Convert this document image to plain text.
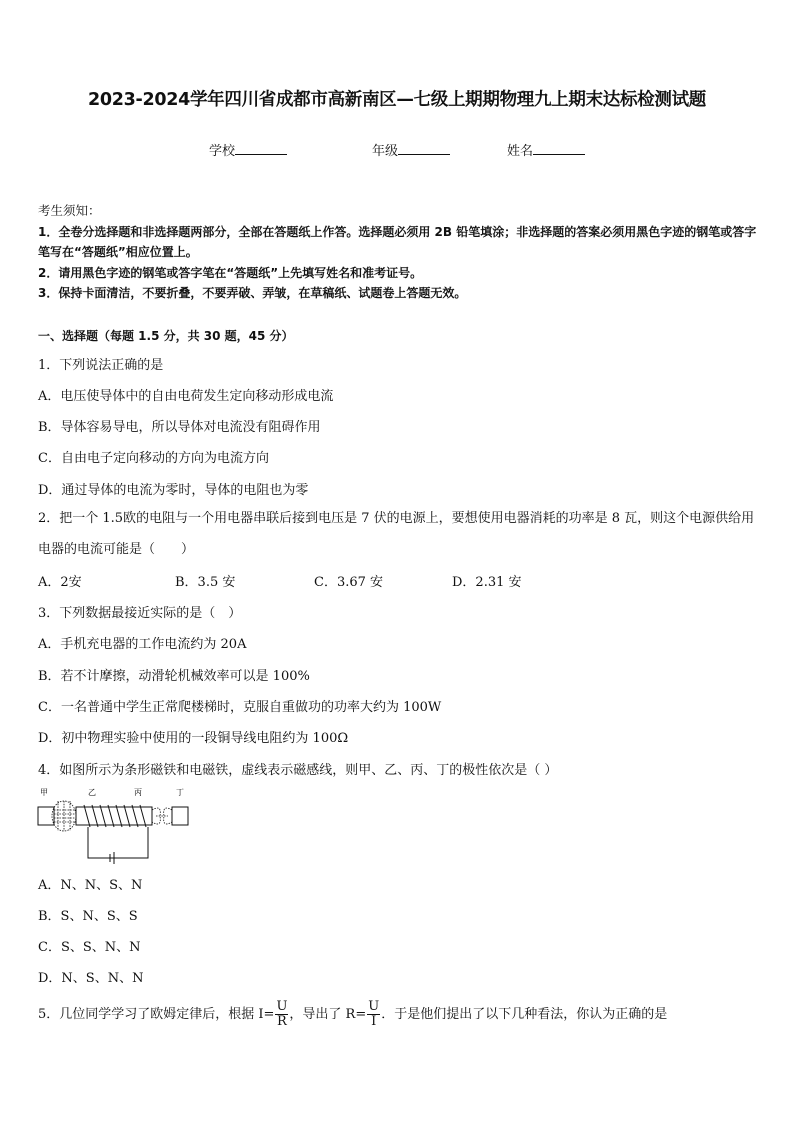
2023-2024学年四川省成都市高新南区—七级上期期物理九上期末达标检测试题
学校	年级	姓名
考生须知：
1．全卷分选择题和非选择题两部分，全部在答题纸上作答。选择题必须用 2B 铅笔填涂；非选择题的答案必须用黑色字迹的钢笔或答字笔写在“答题纸”相应位置上。
2．请用黑色字迹的钢笔或答字笔在“答题纸”上先填写姓名和准考证号。
3．保持卡面清洁，不要折叠，不要弄破、弄皱，在草稿纸、试题卷上答题无效。
一、选择题（每题 1.5 分，共 30 题，45 分）
1．下列说法正确的是
A．电压使导体中的自由电荷发生定向移动形成电流
B．导体容易导电，所以导体对电流没有阻碍作用
C．自由电子定向移动的方向为电流方向
D．通过导体的电流为零时，导体的电阻也为零
2．把一个 1.5欧的电阻与一个用电器串联后接到电压是 7 伏的电源上，要想使用电器消耗的功率是 8 瓦，则这个电源供给用电器的电流可能是（　　）
A．2安	B．3.5 安	C．3.67 安	D．2.31 安
3．下列数据最接近实际的是（　）
A．手机充电器的工作电流约为 20A
B．若不计摩擦，动滑轮机械效率可以是 100%
C．一名普通中学生正常爬楼梯时，克服自重做功的功率大约为 100W
D．初中物理实验中使用的一段铜导线电阻约为 100Ω
4．如图所示为条形磁铁和电磁铁，虚线表示磁感线，则甲、乙、丙、丁的极性依次是（ ）
甲	乙	丙	丁
A．N、N、S、N
B．S、N、S、S
C．S、S、N、N
D．N、S、N、N
5．几位同学学习了欧姆定律后，根据 $I= \frac{U}{R}$ ，导出了 $R= \frac{U}{I}$ ．于是他们提出了以下几种看法，你认为正确的是
